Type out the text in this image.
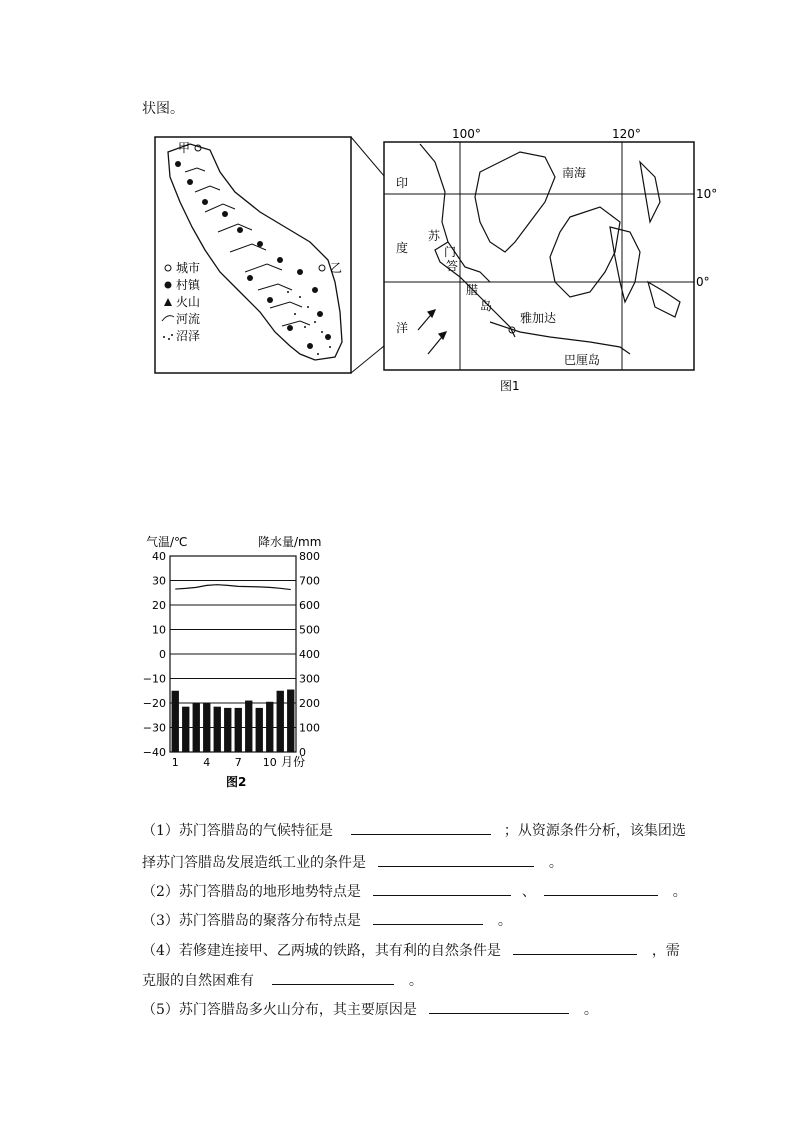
状图。
甲
乙
城市
村镇
火山
河流
沼泽
100°	120°
10°
0°
南海
印
度
洋
苏
门
答
腊
岛
雅加达
巴厘岛
图1
气温/℃	降水量/mm
40
30
20
10
0
−10
−20
−30
−40
800
700
600
500
400
300
200
100
0
1 4 7 10 月份
图2
（1）苏门答腊岛的气候特征是	；从资源条件分析，该集团选
择苏门答腊岛发展造纸工业的条件是	。
（2）苏门答腊岛的地形地势特点是	、	。
（3）苏门答腊岛的聚落分布特点是	。
（4）若修建连接甲、乙两城的铁路，其有利的自然条件是	，需
克服的自然困难有	。
（5）苏门答腊岛多火山分布，其主要原因是	。
